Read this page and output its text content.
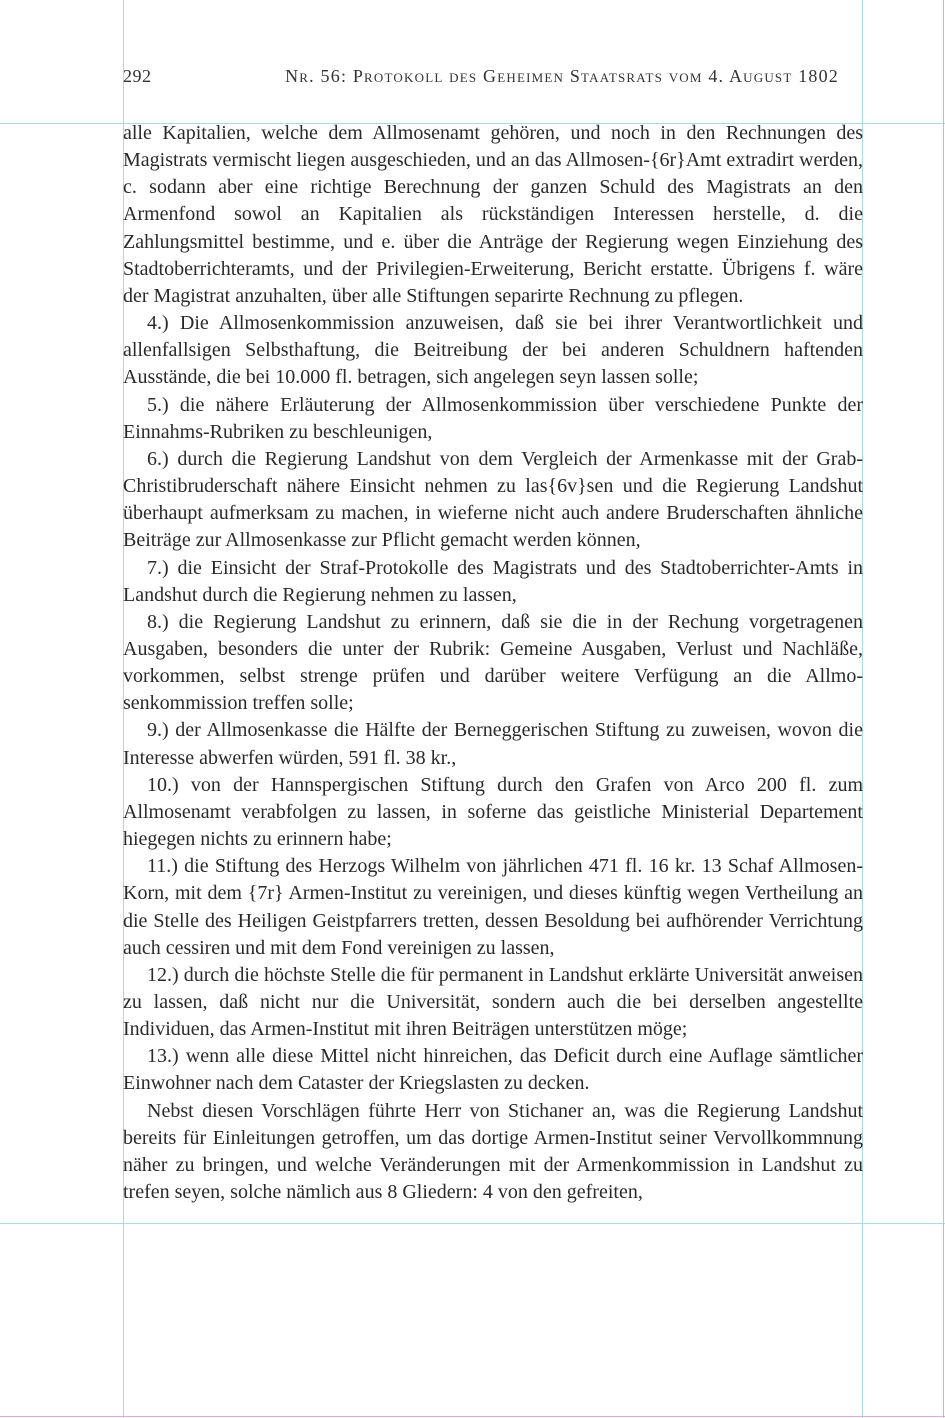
292	Nr. 56: Protokoll des Geheimen Staatsrats vom 4. August 1802

alle Kapitalien, welche dem Allmosenamt gehören, und noch in den Rechnungen des Magistrats vermischt liegen ausgeschieden, und an das Allmosen-{6r}Amt extradirt werden, c. sodann aber eine richtige Berechnung der ganzen Schuld des Magistrats an den Armenfond sowol an Kapitalien als rückständigen Interessen herstelle, d. die Zahlungsmittel bestimme, und e. über die Anträge der Regierung wegen Einziehung des Stadtoberrichteramts, und der Privilegien-Erweiterung, Bericht erstatte. Übrigens f. wäre der Magistrat anzuhalten, über alle Stiftungen separirte Rechnung zu pflegen.

4.) Die Allmosenkommission anzuweisen, daß sie bei ihrer Verantwortlichkeit und allenfallsigen Selbsthaftung, die Beitreibung der bei anderen Schuldnern haftenden Ausstände, die bei 10.000 fl. betragen, sich angelegen seyn lassen solle;

5.) die nähere Erläuterung der Allmosenkommission über verschiedene Punkte der Einnahms-Rubriken zu beschleunigen,

6.) durch die Regierung Landshut von dem Vergleich der Armenkasse mit der Grab-Christibruderschaft nähere Einsicht nehmen zu las{6v}sen und die Regierung Landshut überhaupt aufmerksam zu machen, in wieferne nicht auch andere Bruderschaften ähnliche Beiträge zur Allmosenkasse zur Pflicht gemacht werden können,

7.) die Einsicht der Straf-Protokolle des Magistrats und des Stadtoberrichter-Amts in Landshut durch die Regierung nehmen zu lassen,

8.) die Regierung Landshut zu erinnern, daß sie die in der Rechung vorgetragenen Ausgaben, besonders die unter der Rubrik: Gemeine Ausgaben, Verlust und Nachläße, vorkommen, selbst strenge prüfen und darüber weitere Verfügung an die Allmosenkommission treffen solle;

9.) der Allmosenkasse die Hälfte der Berneggerischen Stiftung zu zuweisen, wovon die Interesse abwerfen würden, 591 fl. 38 kr.,

10.) von der Hannspergischen Stiftung durch den Grafen von Arco 200 fl. zum Allmosenamt verabfolgen zu lassen, in soferne das geistliche Ministerial Departement hiegegen nichts zu erinnern habe;

11.) die Stiftung des Herzogs Wilhelm von jährlichen 471 fl. 16 kr. 13 Schaf Allmosen-Korn, mit dem {7r} Armen-Institut zu vereinigen, und dieses künftig wegen Vertheilung an die Stelle des Heiligen Geistpfarrers tretten, dessen Besoldung bei aufhörender Verrichtung auch cessiren und mit dem Fond vereinigen zu lassen,

12.) durch die höchste Stelle die für permanent in Landshut erklärte Universität anweisen zu lassen, daß nicht nur die Universität, sondern auch die bei derselben angestellte Individuen, das Armen-Institut mit ihren Beiträgen unterstützen möge;

13.) wenn alle diese Mittel nicht hinreichen, das Deficit durch eine Auflage sämtlicher Einwohner nach dem Cataster der Kriegslasten zu decken.

Nebst diesen Vorschlägen führte Herr von Stichaner an, was die Regierung Landshut bereits für Einleitungen getroffen, um das dortige Armen-Institut seiner Vervollkommnung näher zu bringen, und welche Veränderungen mit der Armenkommission in Landshut zu trefen seyen, solche nämlich aus 8 Gliedern: 4 von den gefreiten,
